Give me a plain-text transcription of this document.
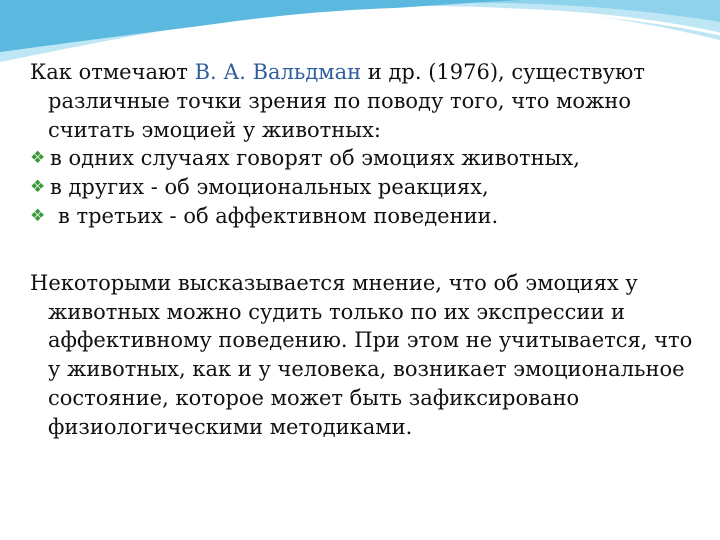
Как отмечают В. А. Вальдман и др. (1976), существуют различные точки зрения по поводу того, что можно считать эмоцией у животных:

❖ в одних случаях говорят об эмоциях животных,
❖ в других - об эмоциональных реакциях,
❖ в третьих - об аффективном поведении.

Некоторыми высказывается мнение, что об эмоциях у животных можно судить только по их экспрессии и аффективному поведению. При этом не учитывается, что у животных, как и у человека, возникает эмоциональное состояние, которое может быть зафиксировано физиологическими методиками.
